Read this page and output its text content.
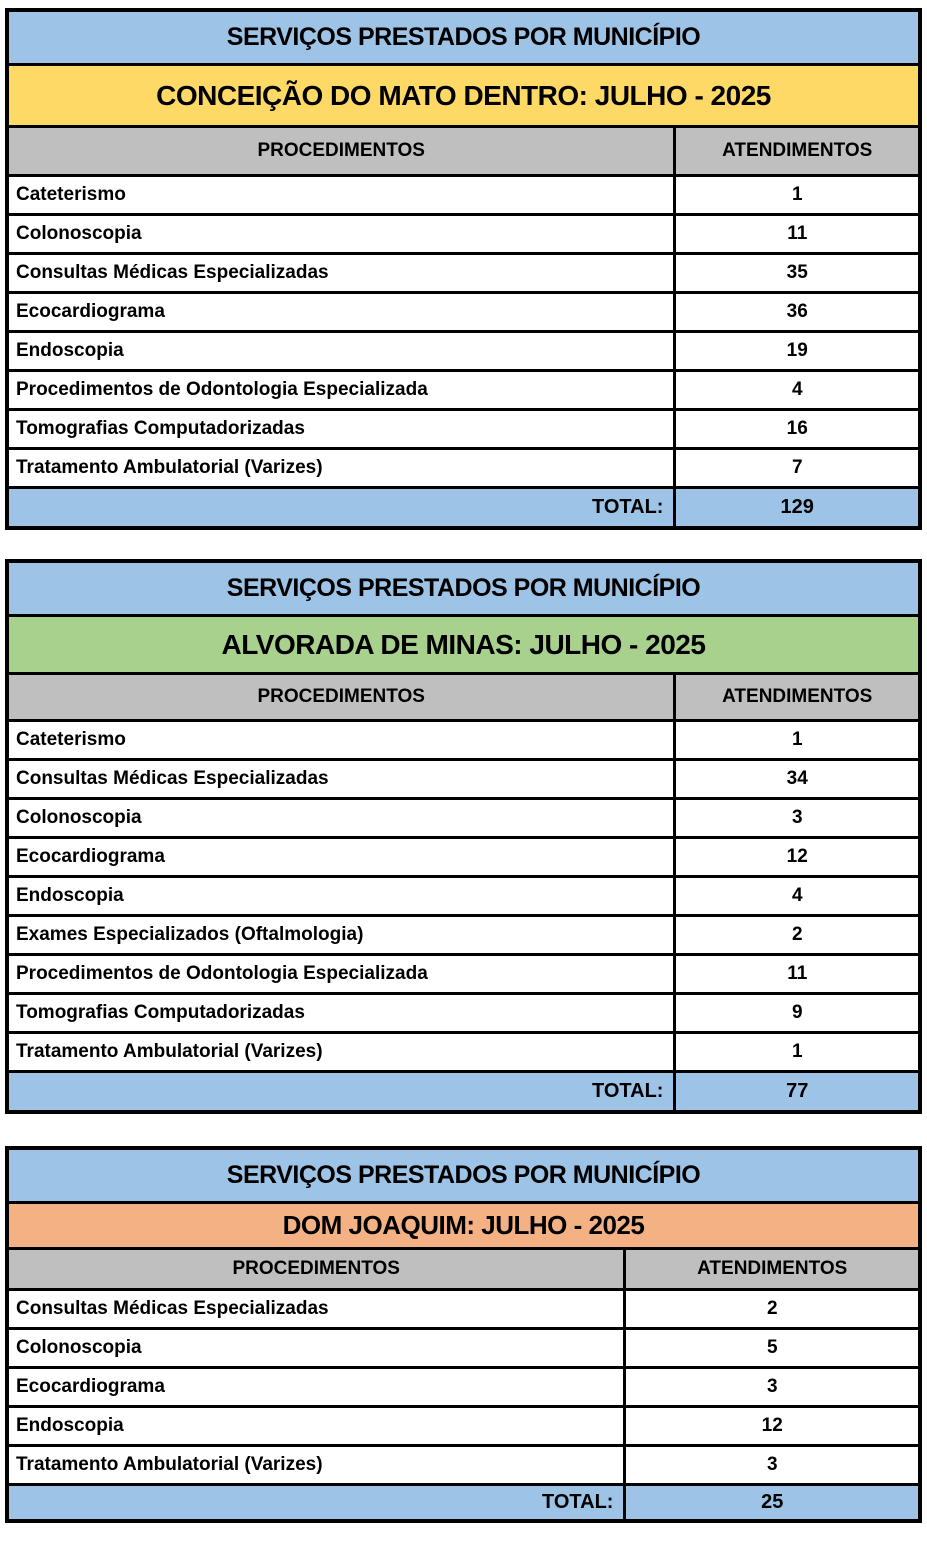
SERVIÇOS PRESTADOS POR MUNICÍPIO
CONCEIÇÃO DO MATO DENTRO: JULHO - 2025
PROCEDIMENTOS	ATENDIMENTOS
Cateterismo	1
Colonoscopia	11
Consultas Médicas Especializadas	35
Ecocardiograma	36
Endoscopia	19
Procedimentos de Odontologia Especializada	4
Tomografias Computadorizadas	16
Tratamento Ambulatorial (Varizes)	7
TOTAL:	129
SERVIÇOS PRESTADOS POR MUNICÍPIO
ALVORADA DE MINAS: JULHO - 2025
PROCEDIMENTOS	ATENDIMENTOS
Cateterismo	1
Consultas Médicas Especializadas	34
Colonoscopia	3
Ecocardiograma	12
Endoscopia	4
Exames Especializados (Oftalmologia)	2
Procedimentos de Odontologia Especializada	11
Tomografias Computadorizadas	9
Tratamento Ambulatorial (Varizes)	1
TOTAL:	77
SERVIÇOS PRESTADOS POR MUNICÍPIO
DOM JOAQUIM: JULHO - 2025
PROCEDIMENTOS	ATENDIMENTOS
Consultas Médicas Especializadas	2
Colonoscopia	5
Ecocardiograma	3
Endoscopia	12
Tratamento Ambulatorial (Varizes)	3
TOTAL:	25
